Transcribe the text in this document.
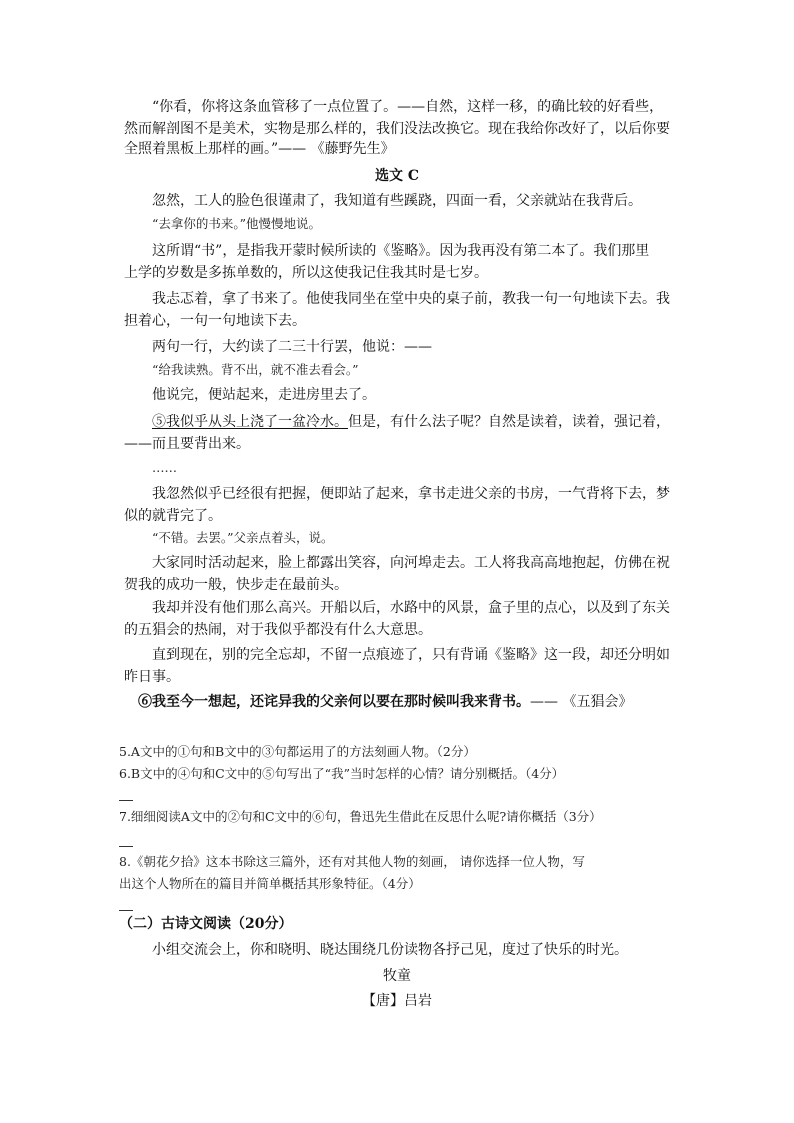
“你看，你将这条血管移了一点位置了。——自然，这样一移，的确比较的好看些，
然而解剖图不是美术，实物是那么样的，我们没法改换它。现在我给你改好了，以后你要
全照着黑板上那样的画。”—— 《藤野先生》
选文 C
忽然，工人的脸色很谨肃了，我知道有些蹊跷，四面一看，父亲就站在我背后。
“去拿你的书来。”他慢慢地说。
这所谓“书”，是指我开蒙时候所读的《鉴略》。因为我再没有第二本了。我们那里
上学的岁数是多拣单数的，所以这使我记住我其时是七岁。
我忐忑着，拿了书来了。他使我同坐在堂中央的桌子前，教我一句一句地读下去。我
担着心，一句一句地读下去。
两句一行，大约读了二三十行罢，他说：——
“给我读熟。背不出，就不准去看会。”
他说完，便站起来，走进房里去了。
⑤我似乎从头上浇了一盆冷水。但是，有什么法子呢？自然是读着，读着，强记着，
——而且要背出来。
……
我忽然似乎已经很有把握，便即站了起来，拿书走进父亲的书房，一气背将下去，梦
似的就背完了。
“不错。去罢。”父亲点着头，说。
大家同时活动起来，脸上都露出笑容，向河埠走去。工人将我高高地抱起，仿佛在祝
贺我的成功一般，快步走在最前头。
我却并没有他们那么高兴。开船以后，水路中的风景，盒子里的点心，以及到了东关
的五猖会的热闹，对于我似乎都没有什么大意思。
直到现在，别的完全忘却，不留一点痕迹了，只有背诵《鉴略》这一段，却还分明如
昨日事。
⑥我至今一想起，还诧异我的父亲何以要在那时候叫我来背书。—— 《五猖会》
5.A文中的①句和B文中的③句都运用了的方法刻画人物。（2分）
6.B文中的④句和C文中的⑤句写出了“我”当时怎样的心情？请分别概括。（4分）
7.细细阅读A文中的②句和C文中的⑥句，鲁迅先生借此在反思什么呢?请你概括（3分）
8.《朝花夕拾》这本书除这三篇外，还有对其他人物的刻画， 请你选择一位人物，写
出这个人物所在的篇目并简单概括其形象特征。（4分）
（二）古诗文阅读（20分）
小组交流会上，你和晓明、晓达围绕几份读物各抒己见，度过了快乐的时光。
牧童
【唐】吕岩
